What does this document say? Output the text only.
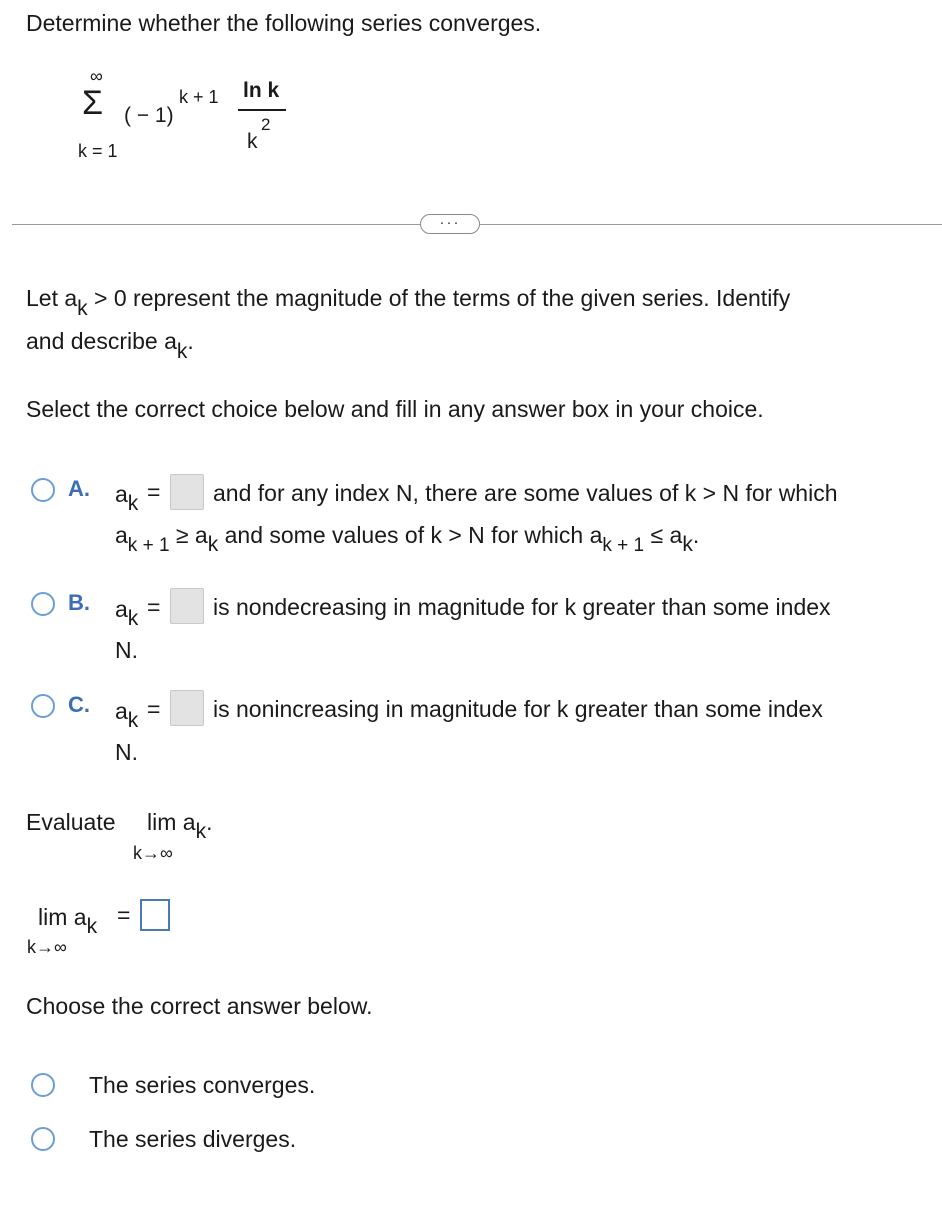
Determine whether the following series converges.
∞
Σ
k = 1
( − 1)
k + 1 ln k
k
2
···
Let ak > 0 represent the magnitude of the terms of the given series. Identify
and describe ak.
Select the correct choice below and fill in any answer box in your choice.
A. ak = and for any index N, there are some values of k > N for which
$a_{k + 1}$ ≥ ak and some values of k > N for which $a_{k + 1}$ ≤ ak.
B. ak = is nondecreasing in magnitude for k greater than some index
N.
C. ak = is nonincreasing in magnitude for k greater than some index
N.
Evaluate lim ak.
k→∞
lim ak =
k→∞
Choose the correct answer below.
The series converges.
The series diverges.
